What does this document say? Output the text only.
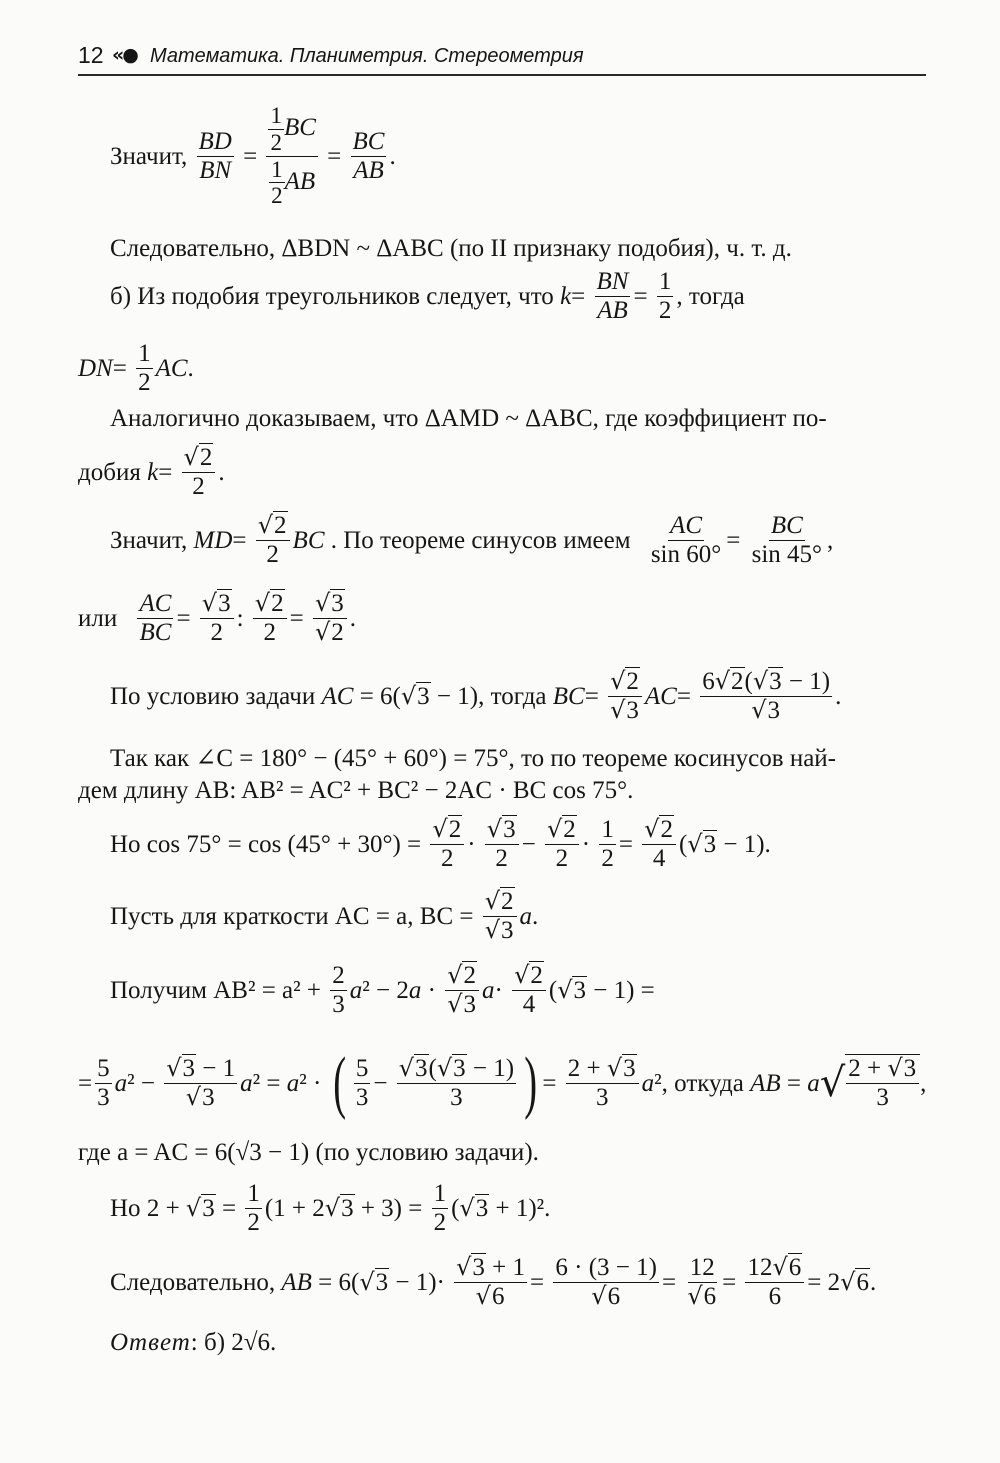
12 «● Математика. Планиметрия. Стереометрия
Значит, $\frac{BD}{BN} = \frac{\frac{1}{2} BC}{\frac{1}{2} AB} = \frac{BC}{AB}$ .
Следовательно, ΔBDN ~ ΔABC (по II признаку подобия), ч. т. д.
б) Из подобия треугольников следует, что $k= \frac{BN}{AB} = \frac{1}{2}$ , тогда
$DN= \frac{1}{2}$ AC.
Аналогично доказываем, что ΔAMD ~ ΔABC, где коэффициент по-
добия $k= \frac{√2}{2}$ .
Значит, $MD= \frac{√2}{2}$ BC . По теореме синусов имеем $\frac{AC}{\sin 60^\circ} = \frac{BC}{\sin 45^\circ}$ ,
или $\frac{AC}{BC} = \frac{√3}{2}$ : $\frac{√2}{2} = \frac{√3}{√2}$ .
По условию задачи AC = 6(√3 − 1), тогда $BC= \frac{√2}{√3} AC= \frac{6√2(√3 - 1)}{√3}$ .
Так как ∠C = 180° − (45° + 60°) = 75°, то по теореме косинусов най-
дем длину AB: AB² = AC² + BC² − 2AC · BC cos 75°.
Но $\cos 75^\circ = \cos (45^\circ + 30^\circ) = \frac{√2}{2} \cdot \frac{√3}{2} - \frac{√2}{2} \cdot \frac{1}{2} = \frac{√2}{4} (√3 - 1)$.
Пусть для краткости AC = a, BC = $\frac{√2}{√3} a$.
Получим $AB^2 = a^2 + \frac{2}{3} a^2 - 2a \cdot \frac{√2}{√3} a\cdot \frac{√2}{4} (√3 - 1)$ =
= $\frac{5}{3} a^2 - \frac{√3 - 1}{√3} a^2 = a^2$ · ( $\frac{5}{3} - \frac{√3(√3 - 1)}{3}$ ) = $\frac{2 + √3}{3} a^2$, откуда AB = $a√ \frac{2 + √3}{3}$ ,
где a = AC = 6(√3 − 1) (по условию задачи).
Но $2 + √3 = \frac{1}{2} (1 + 2√3 + 3) = \frac{1}{2} (√3 + 1)^2$.
Следовательно, AB = $6(√3 - 1)\cdot \frac{√3 + 1}{√6} = \frac{6 \cdot (3 - 1)}{√6} = \frac{12}{√6} = \frac{12√6}{6} = 2√6$.
Ответ: б) 2√6.
